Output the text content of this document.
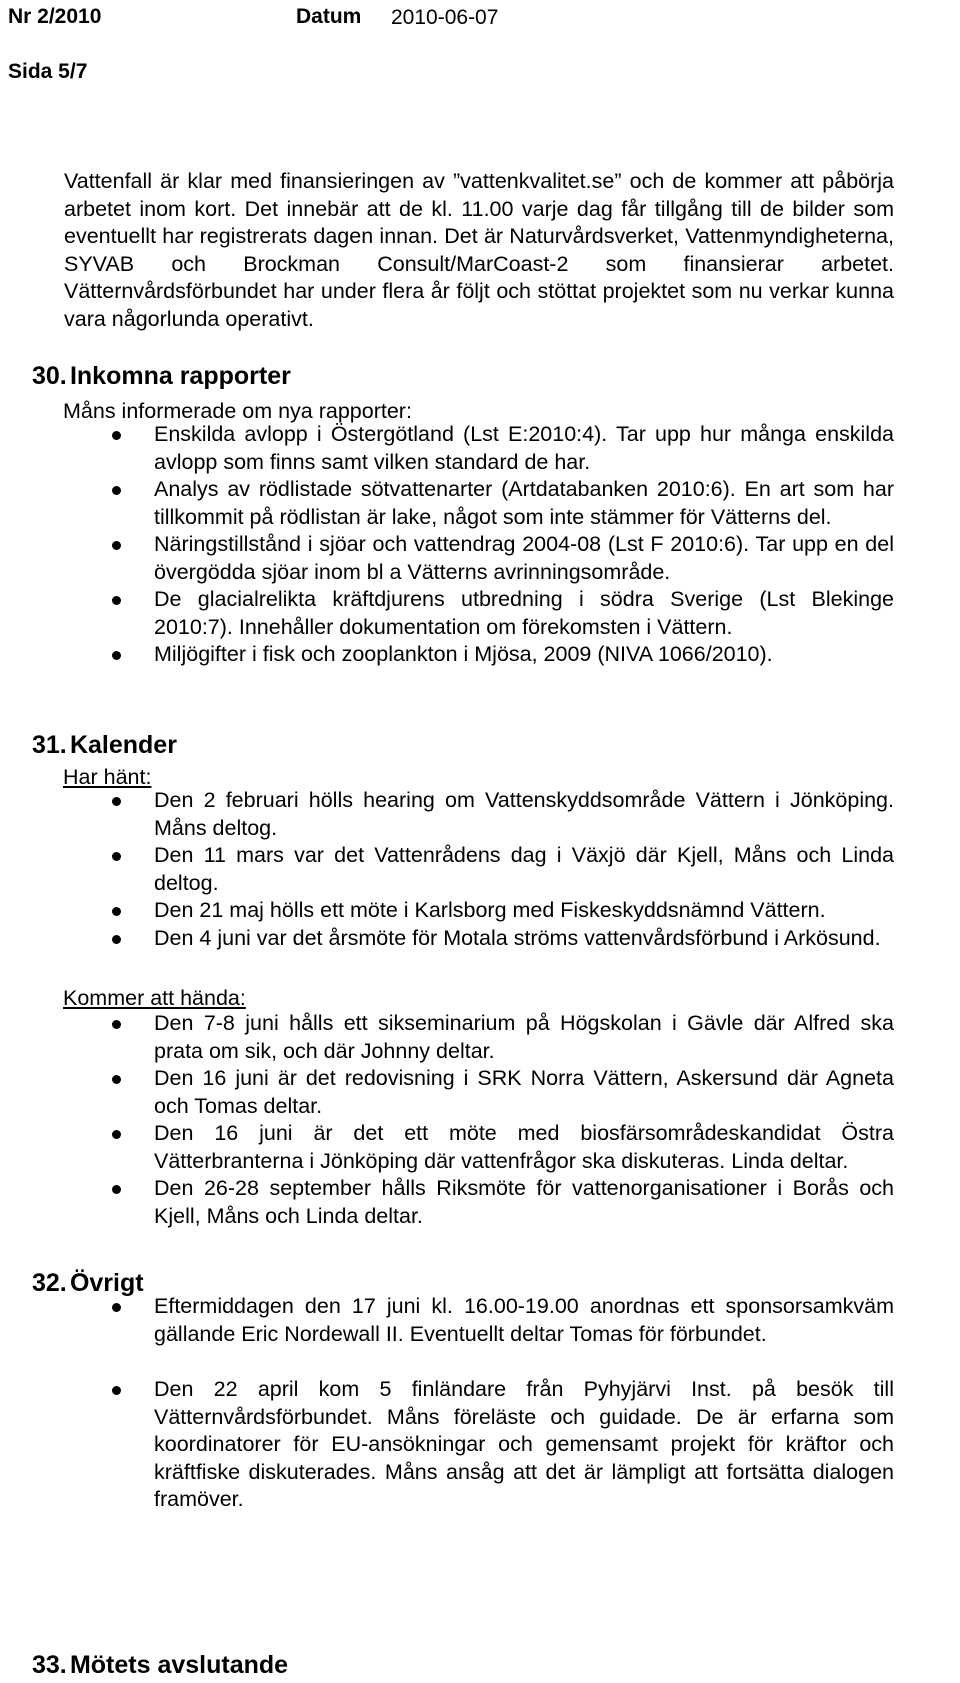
Nr 2/2010	Datum 2010-06-07
Sida 5/7

Vattenfall är klar med finansieringen av ”vattenkvalitet.se” och de kommer att påbörja arbetet inom kort. Det innebär att de kl. 11.00 varje dag får tillgång till de bilder som eventuellt har registrerats dagen innan. Det är Naturvårdsverket, Vattenmyndigheterna, SYVAB och Brockman Consult/MarCoast-2 som finansierar arbetet. Vätternvårdsförbundet har under flera år följt och stöttat projektet som nu verkar kunna vara någorlunda operativt.

30. Inkomna rapporter
Måns informerade om nya rapporter:
Enskilda avlopp i Östergötland (Lst E:2010:4). Tar upp hur många enskilda avlopp som finns samt vilken standard de har.
Analys av rödlistade sötvattenarter (Artdatabanken 2010:6). En art som har tillkommit på rödlistan är lake, något som inte stämmer för Vätterns del.
Näringstillstånd i sjöar och vattendrag 2004-08 (Lst F 2010:6). Tar upp en del övergödda sjöar inom bl a Vätterns avrinningsområde.
De glacialrelikta kräftdjurens utbredning i södra Sverige (Lst Blekinge 2010:7). Innehåller dokumentation om förekomsten i Vättern.
Miljögifter i fisk och zooplankton i Mjösa, 2009 (NIVA 1066/2010).
31. Kalender
Har hänt:
Den 2 februari hölls hearing om Vattenskyddsområde Vättern i Jönköping. Måns deltog.
Den 11 mars var det Vattenrådens dag i Växjö där Kjell, Måns och Linda deltog.
Den 21 maj hölls ett möte i Karlsborg med Fiskeskyddsnämnd Vättern.
Den 4 juni var det årsmöte för Motala ströms vattenvårdsförbund i Arkösund.
Kommer att hända:
Den 7-8 juni hålls ett sikseminarium på Högskolan i Gävle där Alfred ska prata om sik, och där Johnny deltar.
Den 16 juni är det redovisning i SRK Norra Vättern, Askersund där Agneta och Tomas deltar.
Den 16 juni är det ett möte med biosfärsområdeskandidat Östra Vätterbranterna i Jönköping där vattenfrågor ska diskuteras. Linda deltar.
Den 26-28 september hålls Riksmöte för vattenorganisationer i Borås och Kjell, Måns och Linda deltar.
32. Övrigt
Eftermiddagen den 17 juni kl. 16.00-19.00 anordnas ett sponsorsamkväm gällande Eric Nordewall II. Eventuellt deltar Tomas för förbundet.
Den 22 april kom 5 finländare från Pyhyjärvi Inst. på besök till Vätternvårdsförbundet. Måns föreläste och guidade. De är erfarna som koordinatorer för EU-ansökningar och gemensamt projekt för kräftor och kräftfiske diskuterades. Måns ansåg att det är lämpligt att fortsätta dialogen framöver.
33. Mötets avslutande
